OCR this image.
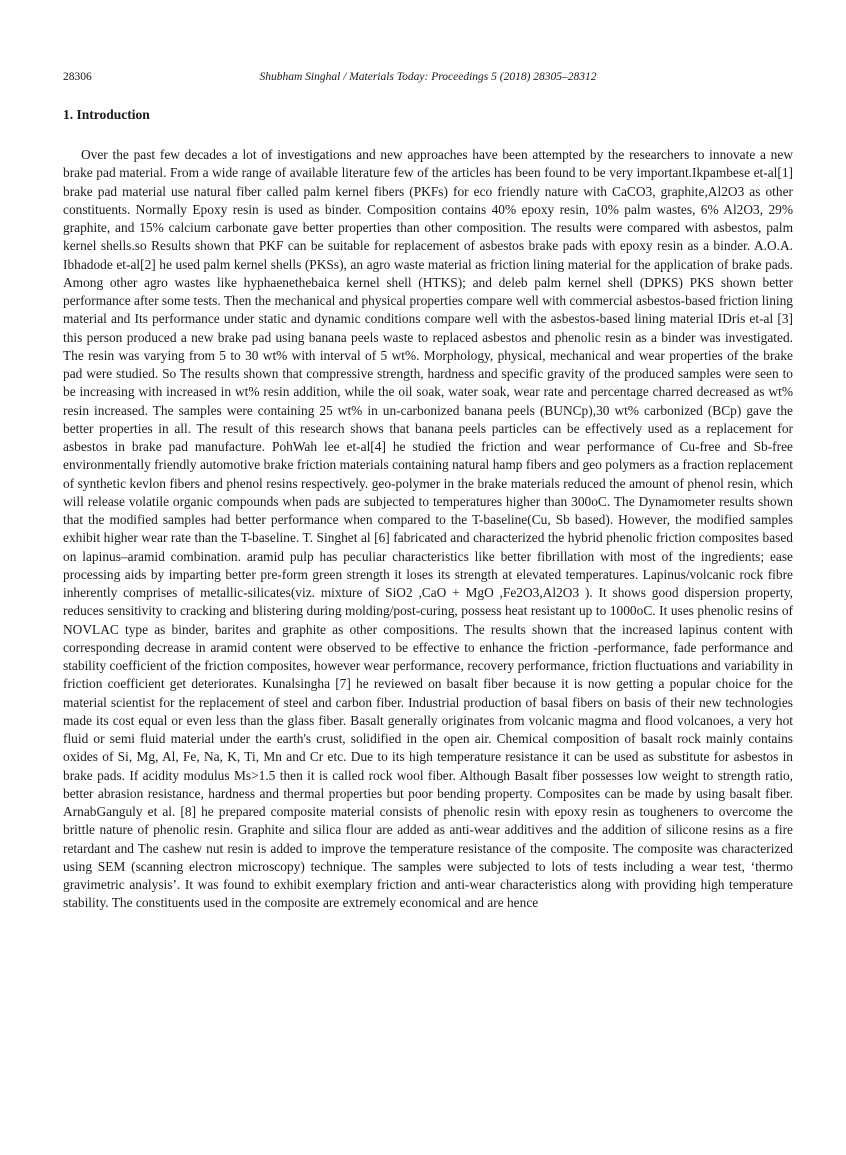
28306	Shubham Singhal / Materials Today: Proceedings 5 (2018) 28305–28312
1. Introduction

Over the past few decades a lot of investigations and new approaches have been attempted by the researchers to innovate a new brake pad material. From a wide range of available literature few of the articles has been found to be very important.Ikpambese et-al[1] brake pad material use natural fiber called palm kernel fibers (PKFs) for eco friendly nature with CaCO3, graphite,Al2O3 as other constituents. Normally Epoxy resin is used as binder. Composition contains 40% epoxy resin, 10% palm wastes, 6% Al2O3, 29% graphite, and 15% calcium carbonate gave better properties than other composition. The results were compared with asbestos, palm kernel shells.so Results shown that PKF can be suitable for replacement of asbestos brake pads with epoxy resin as a binder. A.O.A. Ibhadode et-al[2] he used palm kernel shells (PKSs), an agro waste material as friction lining material for the application of brake pads. Among other agro wastes like hyphaenethebaica kernel shell (HTKS); and deleb palm kernel shell (DPKS) PKS shown better performance after some tests. Then the mechanical and physical properties compare well with commercial asbestos-based friction lining material and Its performance under static and dynamic conditions compare well with the asbestos-based lining material IDris et-al [3] this person produced a new brake pad using banana peels waste to replaced asbestos and phenolic resin as a binder was investigated. The resin was varying from 5 to 30 wt% with interval of 5 wt%. Morphology, physical, mechanical and wear properties of the brake pad were studied. So The results shown that compressive strength, hardness and specific gravity of the produced samples were seen to be increasing with increased in wt% resin addition, while the oil soak, water soak, wear rate and percentage charred decreased as wt% resin increased. The samples were containing 25 wt% in un-carbonized banana peels (BUNCp),30 wt% carbonized (BCp) gave the better properties in all. The result of this research shows that banana peels particles can be effectively used as a replacement for asbestos in brake pad manufacture. PohWah lee et-al[4] he studied the friction and wear performance of Cu-free and Sb-free environmentally friendly automotive brake friction materials containing natural hamp fibers and geo polymers as a fraction replacement of synthetic kevlon fibers and phenol resins respectively. geo-polymer in the brake materials reduced the amount of phenol resin, which will release volatile organic compounds when pads are subjected to temperatures higher than 300oC. The Dynamometer results shown that the modified samples had better performance when compared to the T-baseline(Cu, Sb based). However, the modified samples exhibit higher wear rate than the T-baseline. T. Singhet al [6] fabricated and characterized the hybrid phenolic friction composites based on lapinus–aramid combination. aramid pulp has peculiar characteristics like better fibrillation with most of the ingredients; ease processing aids by imparting better pre-form green strength it loses its strength at elevated temperatures. Lapinus/volcanic rock fibre inherently comprises of metallic-silicates(viz. mixture of SiO2 ,CaO + MgO ,Fe2O3,Al2O3 ). It shows good dispersion property, reduces sensitivity to cracking and blistering during molding/post-curing, possess heat resistant up to 1000oC. It uses phenolic resins of NOVLAC type as binder, barites and graphite as other compositions. The results shown that the increased lapinus content with corresponding decrease in aramid content were observed to be effective to enhance the friction -performance, fade performance and stability coefficient of the friction composites, however wear performance, recovery performance, friction fluctuations and variability in friction coefficient get deteriorates. Kunalsingha [7] he reviewed on basalt fiber because it is now getting a popular choice for the material scientist for the replacement of steel and carbon fiber. Industrial production of basal fibers on basis of their new technologies made its cost equal or even less than the glass fiber. Basalt generally originates from volcanic magma and flood volcanoes, a very hot fluid or semi fluid material under the earth's crust, solidified in the open air. Chemical composition of basalt rock mainly contains oxides of Si, Mg, Al, Fe, Na, K, Ti, Mn and Cr etc. Due to its high temperature resistance it can be used as substitute for asbestos in brake pads. If acidity modulus Ms>1.5 then it is called rock wool fiber. Although Basalt fiber possesses low weight to strength ratio, better abrasion resistance, hardness and thermal properties but poor bending property. Composites can be made by using basalt fiber. ArnabGanguly et al. [8] he prepared composite material consists of phenolic resin with epoxy resin as tougheners to overcome the brittle nature of phenolic resin. Graphite and silica flour are added as anti-wear additives and the addition of silicone resins as a fire retardant and The cashew nut resin is added to improve the temperature resistance of the composite. The composite was characterized using SEM (scanning electron microscopy) technique. The samples were subjected to lots of tests including a wear test, ‘thermo gravimetric analysis’. It was found to exhibit exemplary friction and anti-wear characteristics along with providing high temperature stability. The constituents used in the composite are extremely economical and are hence
